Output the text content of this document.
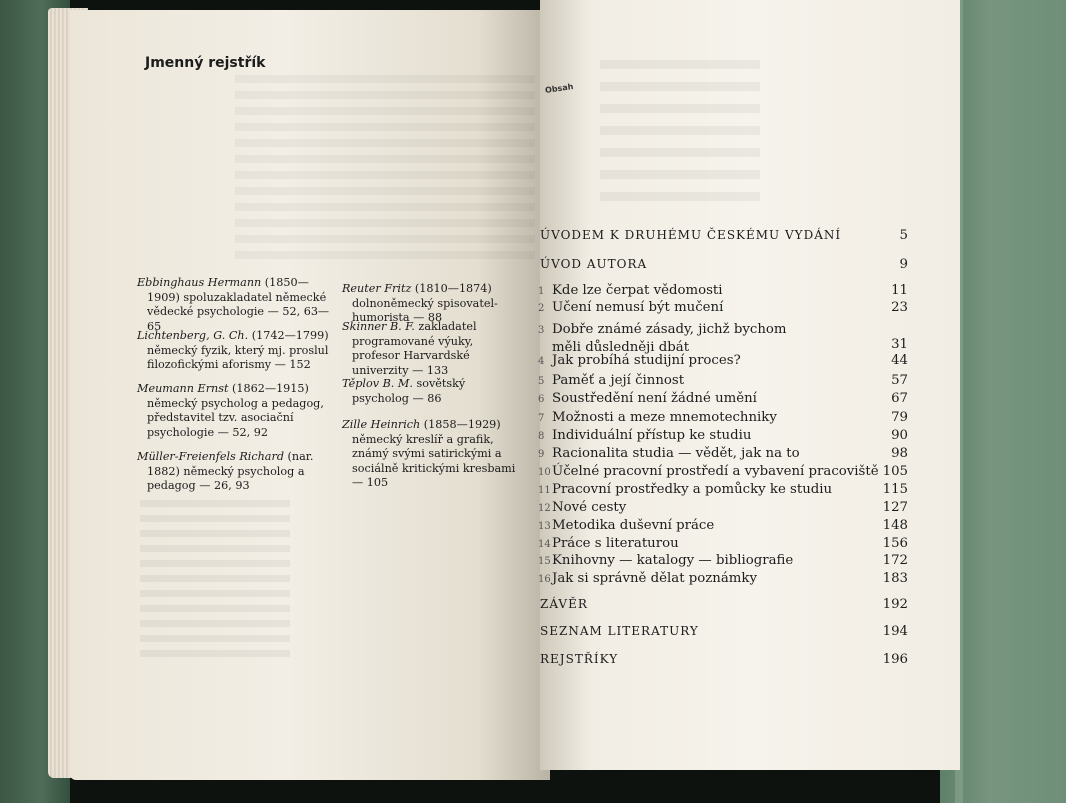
Jmenný rejstřík
Ebbinghaus Hermann (1850—1909) spoluzakladatel německé vědecké psychologie — 52, 63—65
Lichtenberg, G. Ch. (1742—1799) německý fyzik, který mj. proslul filozofickými aforismy — 152
Meumann Ernst (1862—1915) německý psycholog a pedagog, představitel tzv. asociační psychologie — 52, 92
Müller-Freienfels Richard (nar. 1882) německý psycholog a pedagog — 26, 93
Reuter Fritz (1810—1874) dolnoněmecký spisovatel-humorista — 88
Skinner B. F. zakladatel programované výuky, profesor Harvardské univerzity — 133
Těplov B. M. sovětský psycholog — 86
Zille Heinrich (1858—1929) německý kreslíř a grafik, známý svými satirickými a sociálně kritickými kresbami — 105
Obsah
ÚVODEM K DRUHÉMU ČESKÉMU VYDÁNÍ	5
ÚVOD AUTORA	9
1 Kde lze čerpat vědomosti	11
2 Učení nemusí být mučení	23
3 Dobře známé zásady, jichž bychom
měli důsledněji dbát	31
4 Jak probíhá studijní proces?	44
5 Paměť a její činnost	57
6 Soustředění není žádné umění	67
7 Možnosti a meze mnemotechniky	79
8 Individuální přístup ke studiu	90
9 Racionalita studia — vědět, jak na to	98
10Účelné pracovní prostředí a vybavení pracoviště 105
11Pracovní prostředky a pomůcky ke studiu	115
12Nové cesty	127
13Metodika duševní práce	148
14Práce s literaturou	156
15Knihovny — katalogy — bibliografie	172
16Jak si správně dělat poznámky	183
ZÁVĚR	192
SEZNAM LITERATURY	194
REJSTŘÍKY	196
